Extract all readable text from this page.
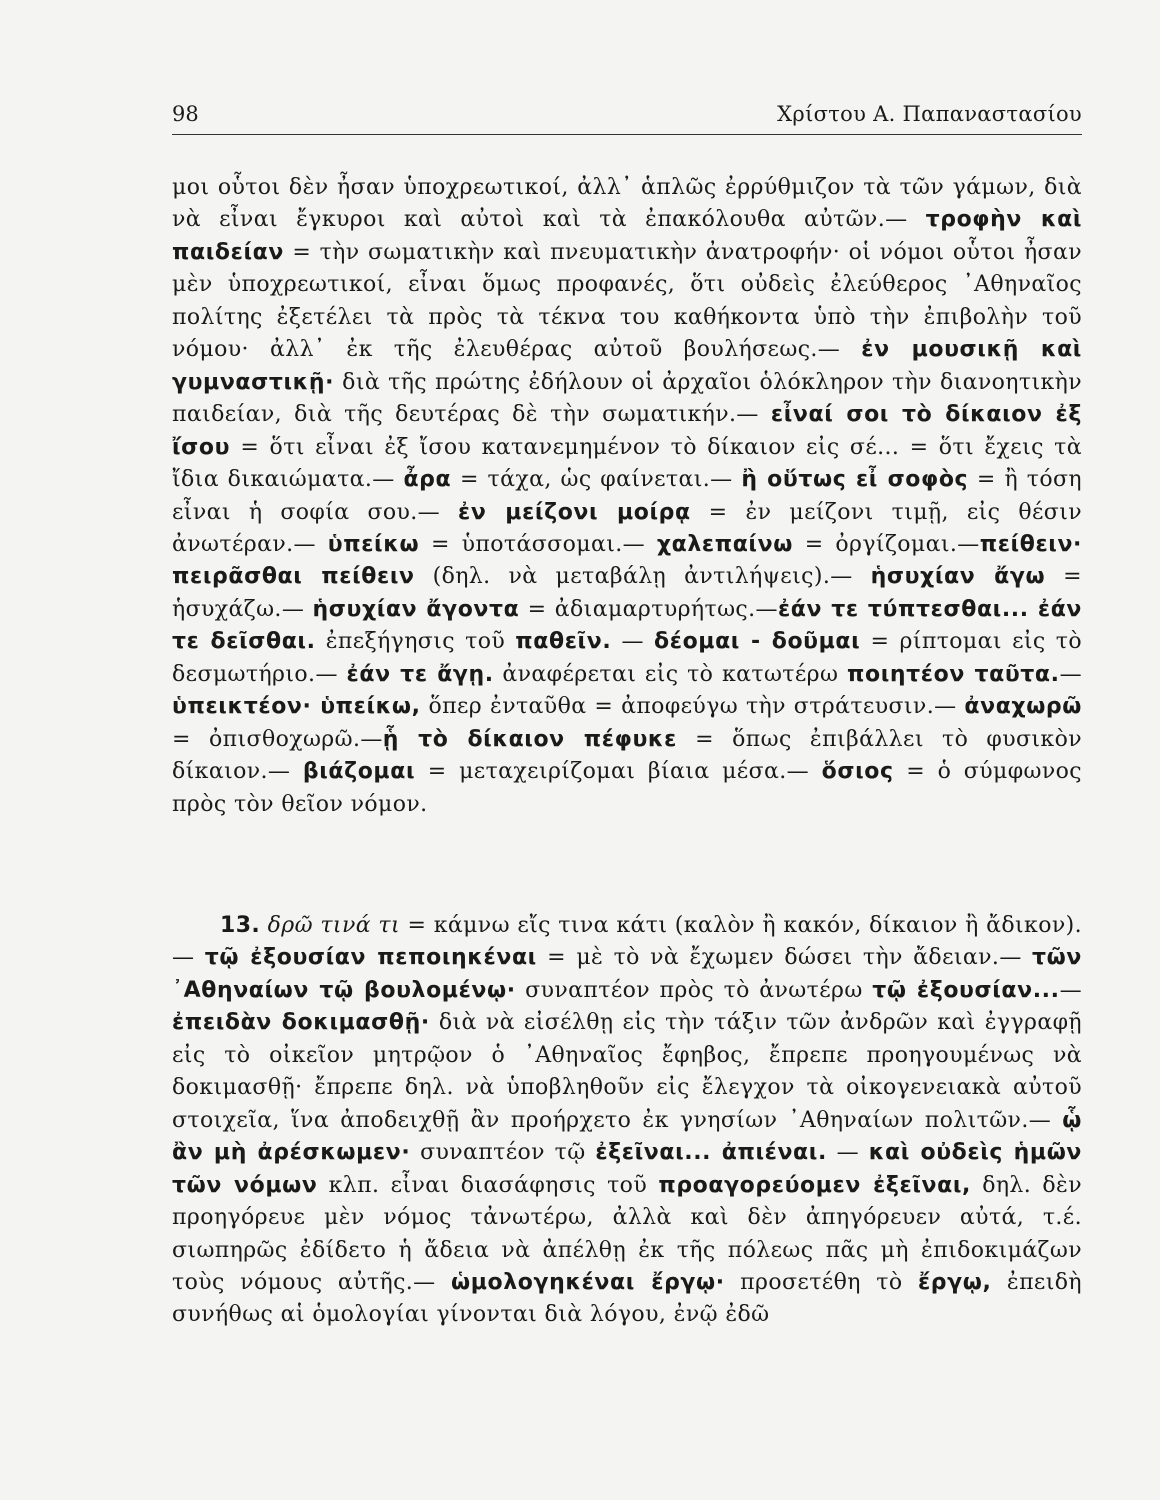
98	Χρίστου Α. Παπαναστασίου
μοι οὗτοι δὲν ἦσαν ὑποχρεωτικοί, ἀλλ᾿ ἁπλῶς ἐρρύθμιζον τὰ τῶν γάμων, διὰ νὰ εἶναι ἔγκυροι καὶ αὐτοὶ καὶ τὰ ἐπακόλουθα αὐτῶν.— τροφὴν καὶ παιδείαν = τὴν σωματικὴν καὶ πνευματικὴν ἀνατροφήν· οἱ νόμοι οὗτοι ἦσαν μὲν ὑποχρεωτικοί, εἶναι ὅμως προφανές, ὅτι οὐδεὶς ἐλεύθερος ᾿Αθηναῖος πολίτης ἐξετέλει τὰ πρὸς τὰ τέκνα του καθήκοντα ὑπὸ τὴν ἐπιβολὴν τοῦ νόμου· ἀλλ᾿ ἐκ τῆς ἐλευθέρας αὐτοῦ βουλήσεως.— ἐν μουσικῇ καὶ γυμναστικῇ· διὰ τῆς πρώτης ἐδήλουν οἱ ἀρχαῖοι ὁλόκληρον τὴν διανοητικὴν παιδείαν, διὰ τῆς δευτέρας δὲ τὴν σωματικήν.— εἶναί σοι τὸ δίκαιον ἐξ ἴσου = ὅτι εἶναι ἐξ ἴσου κατανεμημένον τὸ δίκαιον εἰς σέ... = ὅτι ἔχεις τὰ ἴδια δικαιώματα.— ἆρα = τάχα, ὡς φαίνεται.— ἢ οὕτως εἶ σοφὸς = ἢ τόση εἶναι ἡ σοφία σου.— ἐν μείζονι μοίρᾳ = ἐν μείζονι τιμῇ, εἰς θέσιν ἀνωτέραν.— ὑπείκω = ὑποτάσσομαι.— χαλεπαίνω = ὀργίζομαι.—πείθειν· πειρᾶσθαι πείθειν (δηλ. νὰ μεταβάλῃ ἀντιλήψεις).— ἡσυχίαν ἄγω = ἡσυχάζω.— ἡσυχίαν ἄγοντα = ἀδιαμαρτυρήτως.—ἐάν τε τύπτεσθαι... ἐάν τε δεῖσθαι. ἐπεξήγησις τοῦ παθεῖν. — δέομαι - δοῦμαι = ρίπτομαι εἰς τὸ δεσμωτήριο.— ἐάν τε ἄγῃ. ἀναφέρεται εἰς τὸ κατωτέρω ποιητέον ταῦτα.— ὑπεικτέον· ὑπείκω, ὅπερ ἐνταῦθα = ἀποφεύγω τὴν στράτευσιν.— ἀναχωρῶ = ὀπισθοχωρῶ.—ᾗ τὸ δίκαιον πέφυκε = ὅπως ἐπιβάλλει τὸ φυσικὸν δίκαιον.— βιάζομαι = μεταχειρίζομαι βίαια μέσα.— ὅσιος = ὁ σύμφωνος πρὸς τὸν θεῖον νόμον.
13. δρῶ τινά τι = κάμνω εἴς τινα κάτι (καλὸν ἢ κακόν, δίκαιον ἢ ἄδικον).— τῷ ἐξουσίαν πεποιηκέναι = μὲ τὸ νὰ ἔχωμεν δώσει τὴν ἄδειαν.— τῶν ᾿Αθηναίων τῷ βουλομένῳ· συναπτέον πρὸς τὸ ἀνωτέρω τῷ ἐξουσίαν...— ἐπειδὰν δοκιμασθῇ· διὰ νὰ εἰσέλθῃ εἰς τὴν τάξιν τῶν ἀνδρῶν καὶ ἐγγραφῇ εἰς τὸ οἰκεῖον μητρῷον ὁ ᾿Αθηναῖος ἔφηβος, ἔπρεπε προηγουμένως νὰ δοκιμασθῇ· ἔπρεπε δηλ. νὰ ὑποβληθοῦν εἰς ἔλεγχον τὰ οἰκογενειακὰ αὐτοῦ στοιχεῖα, ἵνα ἀποδειχθῇ ἂν προήρχετο ἐκ γνησίων ᾿Αθηναίων πολιτῶν.— ᾧ ἂν μὴ ἀρέσκωμεν· συναπτέον τῷ ἐξεῖναι... ἀπιέναι. — καὶ οὐδεὶς ἡμῶν τῶν νόμων κλπ. εἶναι διασάφησις τοῦ προαγορεύομεν ἐξεῖναι, δηλ. δὲν προηγόρευε μὲν νόμος τἀνωτέρω, ἀλλὰ καὶ δὲν ἀπηγόρευεν αὐτά, τ.έ. σιωπηρῶς ἐδίδετο ἡ ἄδεια νὰ ἀπέλθῃ ἐκ τῆς πόλεως πᾶς μὴ ἐπιδοκιμάζων τοὺς νόμους αὐτῆς.— ὡμολογηκέναι ἔργῳ· προσετέθη τὸ ἔργῳ, ἐπειδὴ συνήθως αἱ ὁμολογίαι γίνονται διὰ λόγου, ἐνῷ ἐδῶ
